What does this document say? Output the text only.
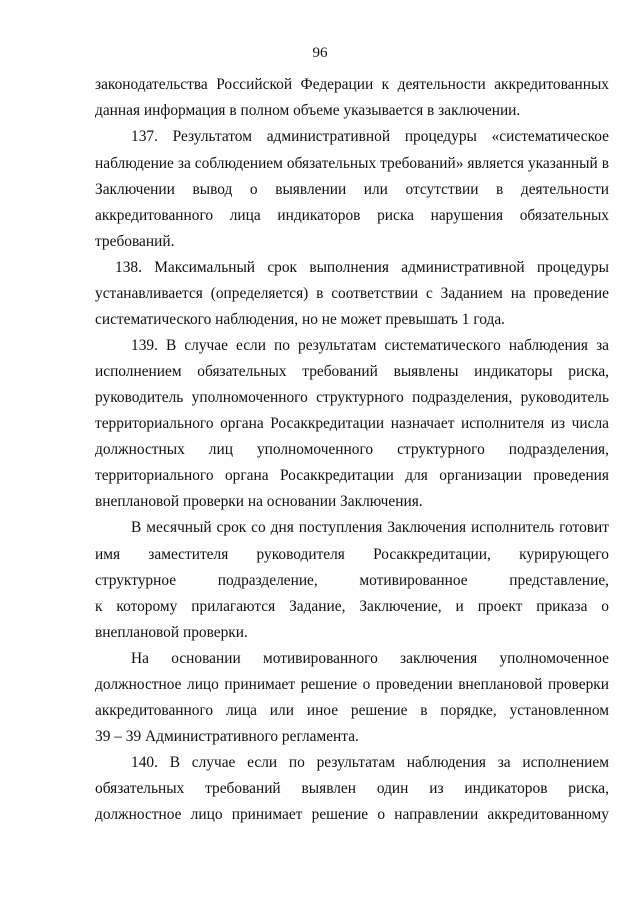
96
законодательства Российской Федерации к деятельности аккредитованных
данная информация в полном объеме указывается в заключении.
137. Результатом административной процедуры «систематическое
наблюдение за соблюдением обязательных требований» является указанный в
Заключении вывод о выявлении или отсутствии в деятельности
аккредитованного лица индикаторов риска нарушения обязательных
требований.
138. Максимальный срок выполнения административной процедуры
устанавливается (определяется) в соответствии с Заданием на проведение
систематического наблюдения, но не может превышать 1 года.
139. В случае если по результатам систематического наблюдения за
исполнением обязательных требований выявлены индикаторы риска,
руководитель уполномоченного структурного подразделения, руководитель
территориального органа Росаккредитации назначает исполнителя из числа
должностных лиц уполномоченного структурного подразделения,
территориального органа Росаккредитации для организации проведения
внеплановой проверки на основании Заключения.
В месячный срок со дня поступления Заключения исполнитель готовит
имя заместителя руководителя Росаккредитации, курирующего
структурное подразделение, мотивированное представление,
к которому прилагаются Задание, Заключение, и проект приказа о
внеплановой проверки.
На основании мотивированного заключения уполномоченное
должностное лицо принимает решение о проведении внеплановой проверки
аккредитованного лица или иное решение в порядке, установленном
39 – 39 Административного регламента.
140. В случае если по результатам наблюдения за исполнением
обязательных требований выявлен один из индикаторов риска,
должностное лицо принимает решение о направлении аккредитованному
